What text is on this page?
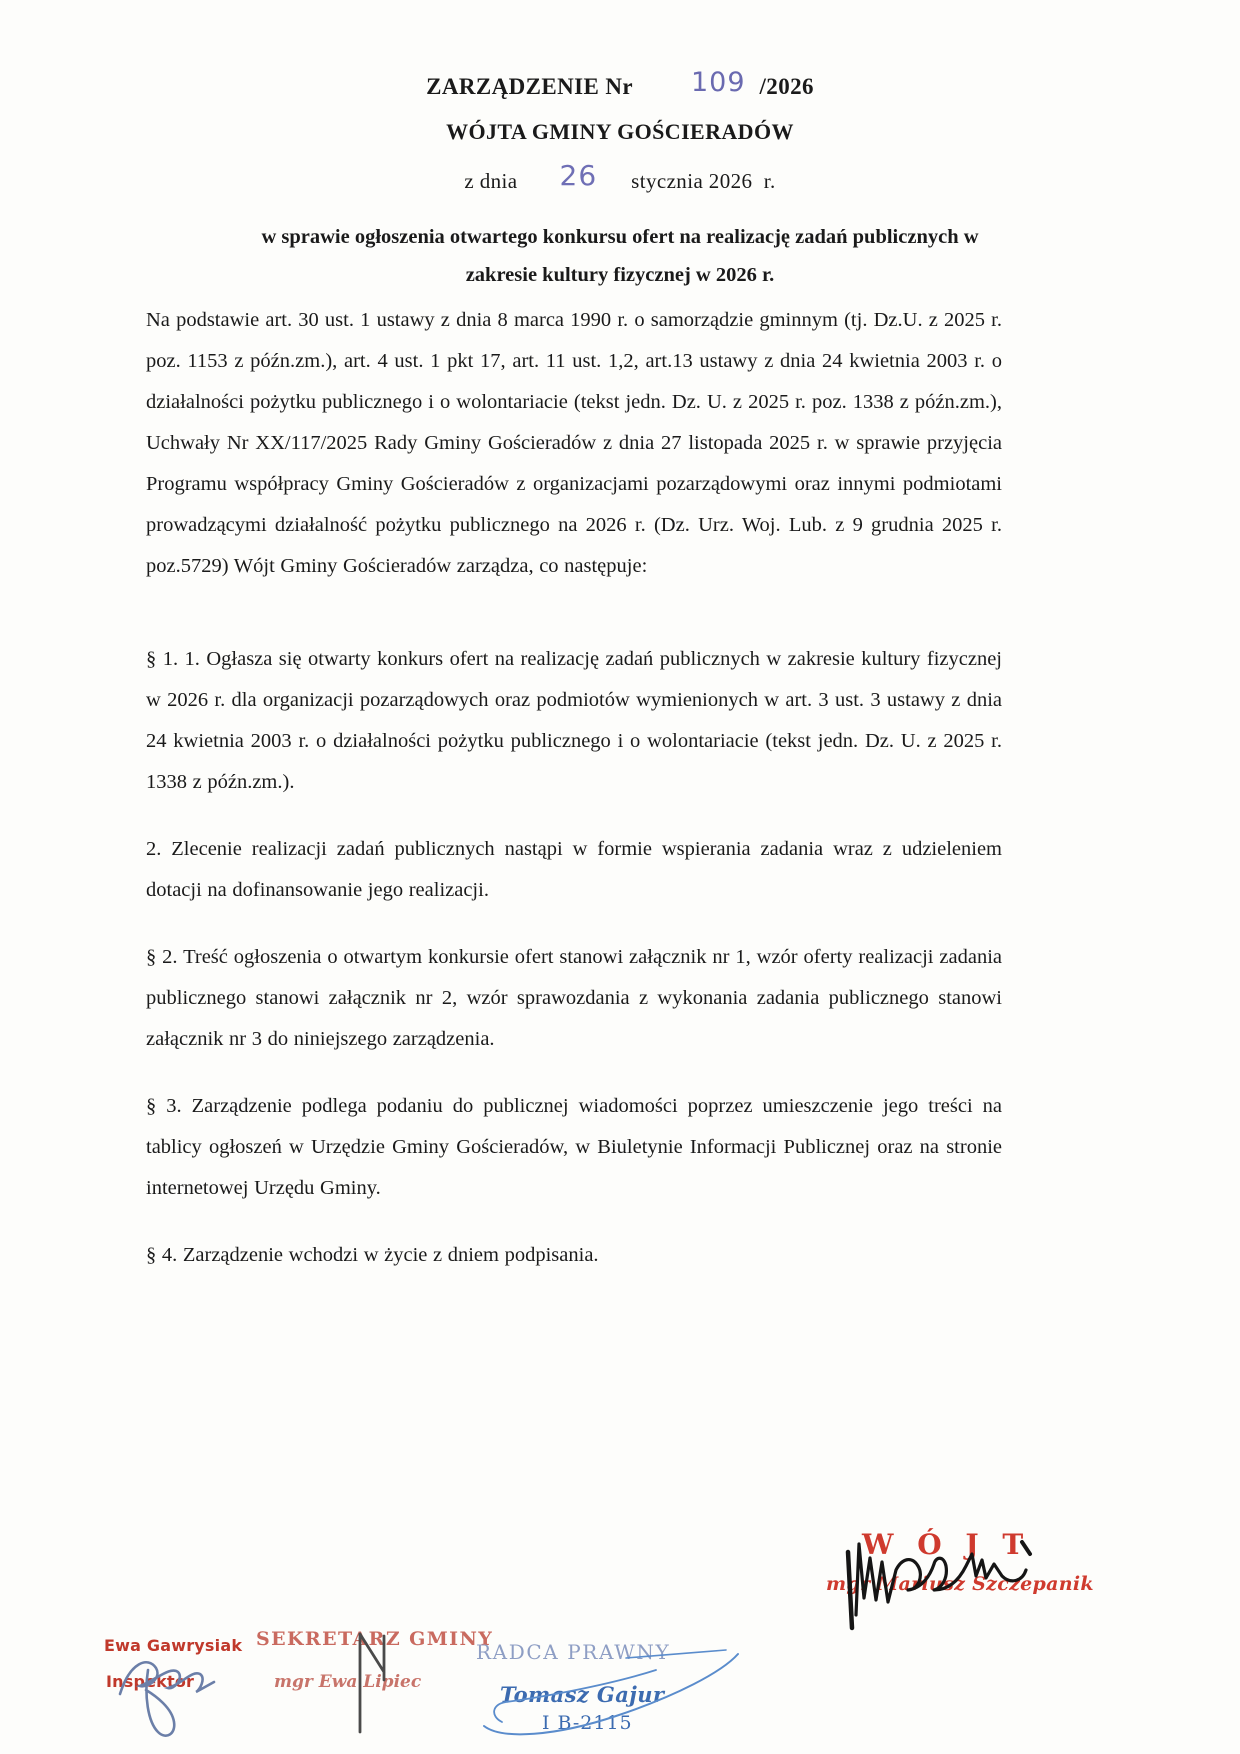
ZARZĄDZENIE Nr 109 /2026
WÓJTA GMINY GOŚCIERADÓW
z dnia 26 stycznia 2026  r.
w sprawie ogłoszenia otwartego konkursu ofert na realizację zadań publicznych w
zakresie kultury fizycznej w 2026 r.

Na podstawie art. 30 ust. 1 ustawy z dnia 8 marca 1990 r. o samorządzie gminnym (tj. Dz.U. z 2025 r. poz. 1153 z późn.zm.), art. 4 ust. 1 pkt 17, art. 11 ust. 1,2, art.13 ustawy z dnia 24 kwietnia 2003 r. o działalności pożytku publicznego i o wolontariacie (tekst jedn. Dz. U. z 2025 r. poz. 1338 z późn.zm.), Uchwały Nr XX/117/2025 Rady Gminy Gościeradów z dnia 27 listopada 2025 r. w sprawie przyjęcia Programu współpracy Gminy Gościeradów z organizacjami pozarządowymi oraz innymi podmiotami prowadzącymi działalność pożytku publicznego na 2026 r. (Dz. Urz. Woj. Lub. z 9 grudnia 2025 r. poz.5729) Wójt Gminy Gościeradów zarządza, co następuje:

§ 1. 1. Ogłasza się otwarty konkurs ofert na realizację zadań publicznych w zakresie kultury fizycznej w 2026 r. dla organizacji pozarządowych oraz podmiotów wymienionych w art. 3 ust. 3 ustawy z dnia 24 kwietnia 2003 r. o działalności pożytku publicznego i o wolontariacie (tekst jedn. Dz. U. z 2025 r. 1338 z późn.zm.).

2. Zlecenie realizacji zadań publicznych nastąpi w formie wspierania zadania wraz z udzieleniem dotacji na dofinansowanie jego realizacji.

§ 2. Treść ogłoszenia o otwartym konkursie ofert stanowi załącznik nr 1, wzór oferty realizacji zadania publicznego stanowi załącznik nr 2, wzór sprawozdania z wykonania zadania publicznego stanowi załącznik nr 3 do niniejszego zarządzenia.

§ 3. Zarządzenie podlega podaniu do publicznej wiadomości poprzez umieszczenie jego treści na tablicy ogłoszeń w Urzędzie Gminy Gościeradów, w Biuletynie Informacji Publicznej oraz na stronie internetowej Urzędu Gminy.

§ 4. Zarządzenie wchodzi w życie z dniem podpisania.

W Ó J T
mgr Mariusz Szczepanik
Ewa Gawrysiak
Inspektor
SEKRETARZ GMINY
mgr Ewa Lipiec
RADCA PRAWNY
Tomasz Gajur
I B-2115
